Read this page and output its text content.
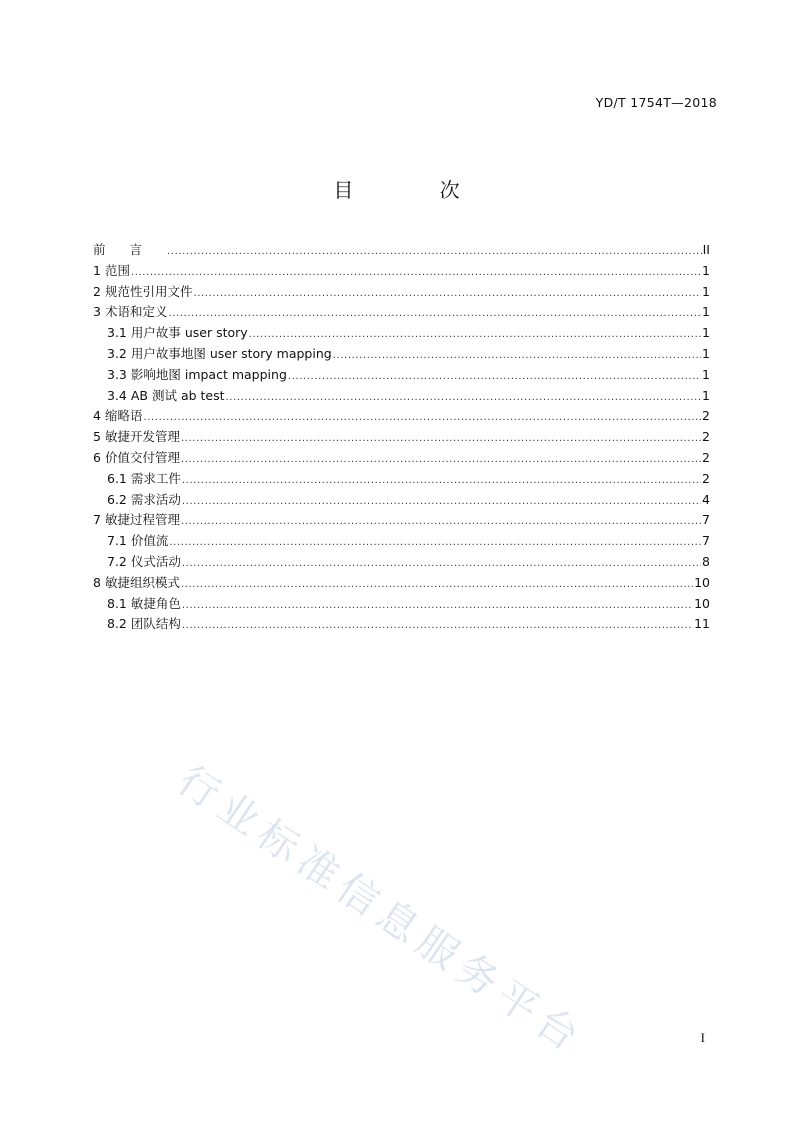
YD/T 1754T—2018
目 次
前言 .....	II
1 范围 .....	1
2 规范性引用文件 .....	1
3 术语和定义 .....	1
3.1 用户故事 user story .....	1
3.2 用户故事地图 user story mapping .....	1
3.3 影响地图 impact mapping .....	1
3.4 AB 测试 ab test .....	1
4 缩略语 .....	2
5 敏捷开发管理 .....	2
6 价值交付管理 .....	2
6.1 需求工件 .....	2
6.2 需求活动 .....	4
7 敏捷过程管理 .....	7
7.1 价值流 .....	7
7.2 仪式活动 .....	8
8 敏捷组织模式 .....	10
8.1 敏捷角色 .....	10
8.2 团队结构 .....	11
行业标准信息服务平台	I
